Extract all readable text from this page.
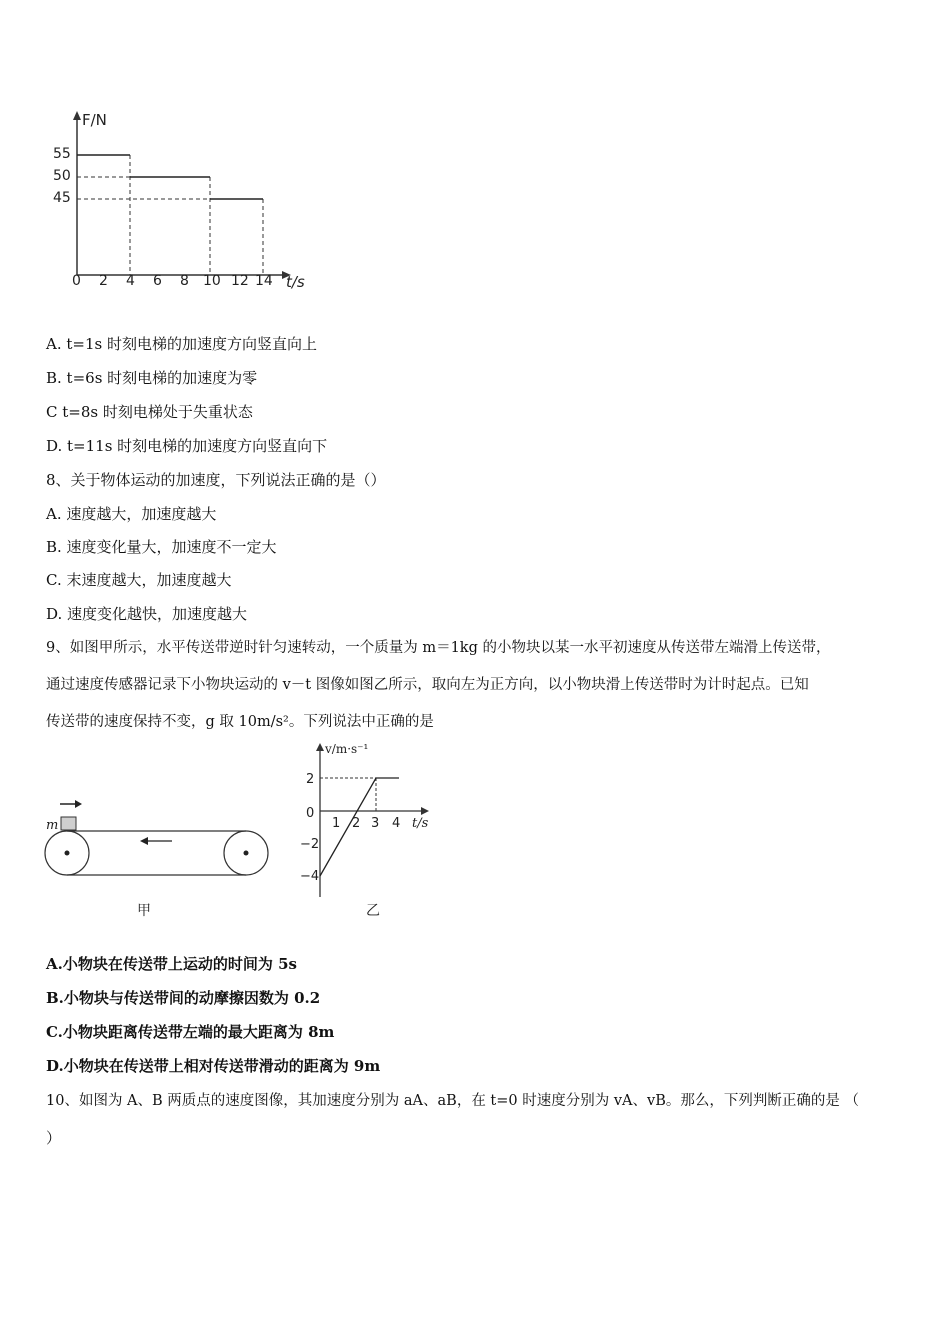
F/N
t/s
55
50
45
0 2 4 6 8 10 12 14
A. t=1s 时刻电梯的加速度方向竖直向上
B. t=6s 时刻电梯的加速度为零
C t=8s 时刻电梯处于失重状态
D. t=11s 时刻电梯的加速度方向竖直向下
8、关于物体运动的加速度，下列说法正确的是（）
A. 速度越大，加速度越大
B. 速度变化量大，加速度不一定大
C. 末速度越大，加速度越大
D. 速度变化越快，加速度越大
9、如图甲所示，水平传送带逆时针匀速转动，一个质量为 m＝1kg 的小物块以某一水平初速度从传送带左端滑上传送带，
通过速度传感器记录下小物块运动的 v－t 图像如图乙所示，取向左为正方向，以小物块滑上传送带时为计时起点。已知
传送带的速度保持不变，g 取 10m/s²。下列说法中正确的是
m
甲
v/m·s⁻¹
t/s
2
0
−2
−4
1 2 3 4
乙
A.小物块在传送带上运动的时间为 5s
B.小物块与传送带间的动摩擦因数为 0.2
C.小物块距离传送带左端的最大距离为 8m
D.小物块在传送带上相对传送带滑动的距离为 9m
10、如图为 A、B 两质点的速度图像，其加速度分别为 aA、aB，在 t=0 时速度分别为 vA、vB。那么，下列判断正确的是 （
）
